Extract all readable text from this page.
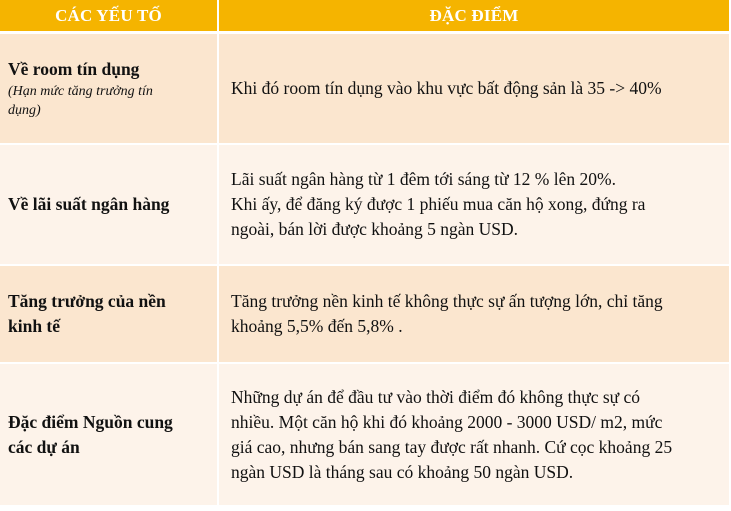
CÁC YẾU TỐ	ĐẶC ĐIỂM
Về room tín dụng
(Hạn mức tăng trưởng tín
dụng)
Khi đó room tín dụng vào khu vực bất động sản là 35 -> 40%
Về lãi suất ngân hàng
Lãi suất ngân hàng từ 1 đêm tới sáng từ 12 % lên 20%.
Khi ấy, để đăng ký được 1 phiếu mua căn hộ xong, đứng ra
ngoài, bán lời được khoảng 5 ngàn USD.
Tăng trưởng của nền
kinh tế
Tăng trưởng nền kinh tế không thực sự ấn tượng lớn, chỉ tăng
khoảng 5,5% đến 5,8% .
Đặc điểm Nguồn cung
các dự án
Những dự án để đầu tư vào thời điểm đó không thực sự có
nhiều. Một căn hộ khi đó khoảng 2000 - 3000 USD/ m2, mức
giá cao, nhưng bán sang tay được rất nhanh. Cứ cọc khoảng 25
ngàn USD là tháng sau có khoảng 50 ngàn USD.
